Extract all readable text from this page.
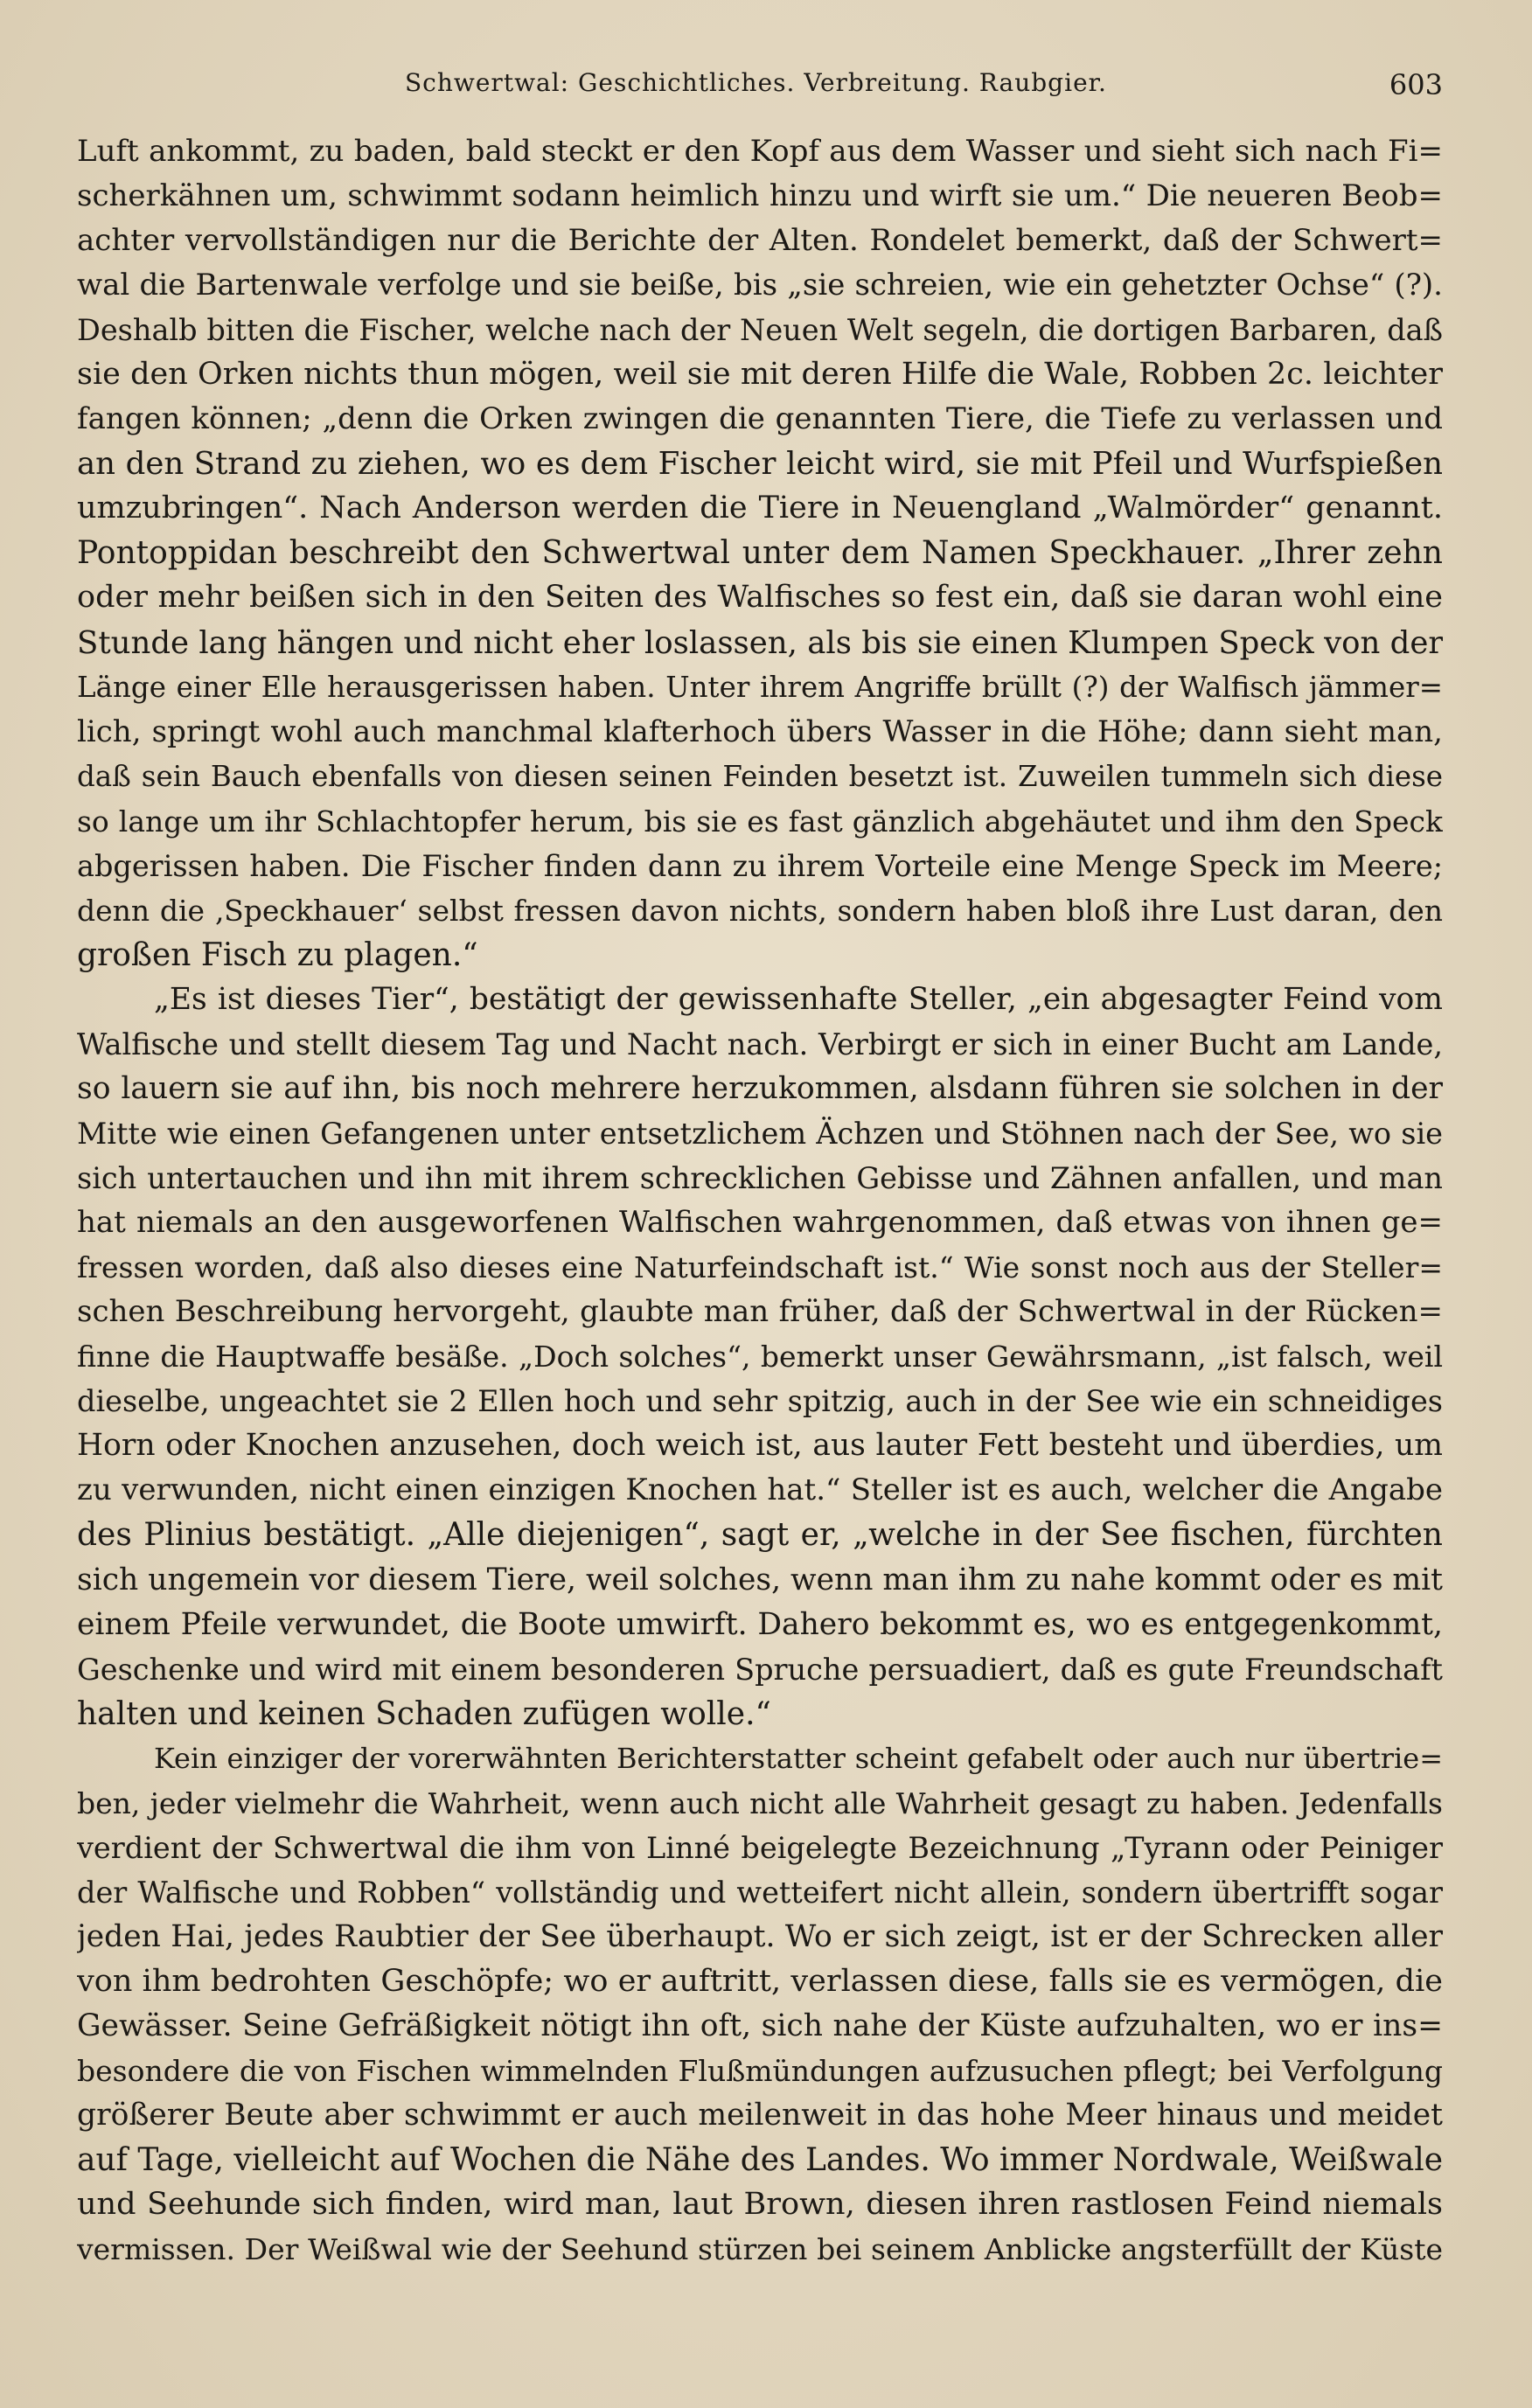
Schwertwal: Geschichtliches. Verbreitung. Raubgier.	603
Luft ankommt, zu baden, bald steckt er den Kopf aus dem Wasser und sieht sich nach Fi=
scherkähnen um, schwimmt sodann heimlich hinzu und wirft sie um.“ Die neueren Beob=
achter vervollständigen nur die Berichte der Alten. Rondelet bemerkt, daß der Schwert=
wal die Bartenwale verfolge und sie beiße, bis „sie schreien, wie ein gehetzter Ochse“ (?).
Deshalb bitten die Fischer, welche nach der Neuen Welt segeln, die dortigen Barbaren, daß
sie den Orken nichts thun mögen, weil sie mit deren Hilfe die Wale, Robben 2c. leichter
fangen können; „denn die Orken zwingen die genannten Tiere, die Tiefe zu verlassen und
an den Strand zu ziehen, wo es dem Fischer leicht wird, sie mit Pfeil und Wurfspießen
umzubringen“. Nach Anderson werden die Tiere in Neuengland „Walmörder“ genannt.
Pontoppidan beschreibt den Schwertwal unter dem Namen Speckhauer. „Ihrer zehn
oder mehr beißen sich in den Seiten des Walfisches so fest ein, daß sie daran wohl eine
Stunde lang hängen und nicht eher loslassen, als bis sie einen Klumpen Speck von der
Länge einer Elle herausgerissen haben. Unter ihrem Angriffe brüllt (?) der Walfisch jämmer=
lich, springt wohl auch manchmal klafterhoch übers Wasser in die Höhe; dann sieht man,
daß sein Bauch ebenfalls von diesen seinen Feinden besetzt ist. Zuweilen tummeln sich diese
so lange um ihr Schlachtopfer herum, bis sie es fast gänzlich abgehäutet und ihm den Speck
abgerissen haben. Die Fischer finden dann zu ihrem Vorteile eine Menge Speck im Meere;
denn die ‚Speckhauer‘ selbst fressen davon nichts, sondern haben bloß ihre Lust daran, den
großen Fisch zu plagen.“
„Es ist dieses Tier“, bestätigt der gewissenhafte Steller, „ein abgesagter Feind vom
Walfische und stellt diesem Tag und Nacht nach. Verbirgt er sich in einer Bucht am Lande,
so lauern sie auf ihn, bis noch mehrere herzukommen, alsdann führen sie solchen in der
Mitte wie einen Gefangenen unter entsetzlichem Ächzen und Stöhnen nach der See, wo sie
sich untertauchen und ihn mit ihrem schrecklichen Gebisse und Zähnen anfallen, und man
hat niemals an den ausgeworfenen Walfischen wahrgenommen, daß etwas von ihnen ge=
fressen worden, daß also dieses eine Naturfeindschaft ist.“ Wie sonst noch aus der Steller=
schen Beschreibung hervorgeht, glaubte man früher, daß der Schwertwal in der Rücken=
finne die Hauptwaffe besäße. „Doch solches“, bemerkt unser Gewährsmann, „ist falsch, weil
dieselbe, ungeachtet sie 2 Ellen hoch und sehr spitzig, auch in der See wie ein schneidiges
Horn oder Knochen anzusehen, doch weich ist, aus lauter Fett besteht und überdies, um
zu verwunden, nicht einen einzigen Knochen hat.“ Steller ist es auch, welcher die Angabe
des Plinius bestätigt. „Alle diejenigen“, sagt er, „welche in der See fischen, fürchten
sich ungemein vor diesem Tiere, weil solches, wenn man ihm zu nahe kommt oder es mit
einem Pfeile verwundet, die Boote umwirft. Dahero bekommt es, wo es entgegenkommt,
Geschenke und wird mit einem besonderen Spruche persuadiert, daß es gute Freundschaft
halten und keinen Schaden zufügen wolle.“
Kein einziger der vorerwähnten Berichterstatter scheint gefabelt oder auch nur übertrie=
ben, jeder vielmehr die Wahrheit, wenn auch nicht alle Wahrheit gesagt zu haben. Jedenfalls
verdient der Schwertwal die ihm von Linné beigelegte Bezeichnung „Tyrann oder Peiniger
der Walfische und Robben“ vollständig und wetteifert nicht allein, sondern übertrifft sogar
jeden Hai, jedes Raubtier der See überhaupt. Wo er sich zeigt, ist er der Schrecken aller
von ihm bedrohten Geschöpfe; wo er auftritt, verlassen diese, falls sie es vermögen, die
Gewässer. Seine Gefräßigkeit nötigt ihn oft, sich nahe der Küste aufzuhalten, wo er ins=
besondere die von Fischen wimmelnden Flußmündungen aufzusuchen pflegt; bei Verfolgung
größerer Beute aber schwimmt er auch meilenweit in das hohe Meer hinaus und meidet
auf Tage, vielleicht auf Wochen die Nähe des Landes. Wo immer Nordwale, Weißwale
und Seehunde sich finden, wird man, laut Brown, diesen ihren rastlosen Feind niemals
vermissen. Der Weißwal wie der Seehund stürzen bei seinem Anblicke angsterfüllt der Küste
